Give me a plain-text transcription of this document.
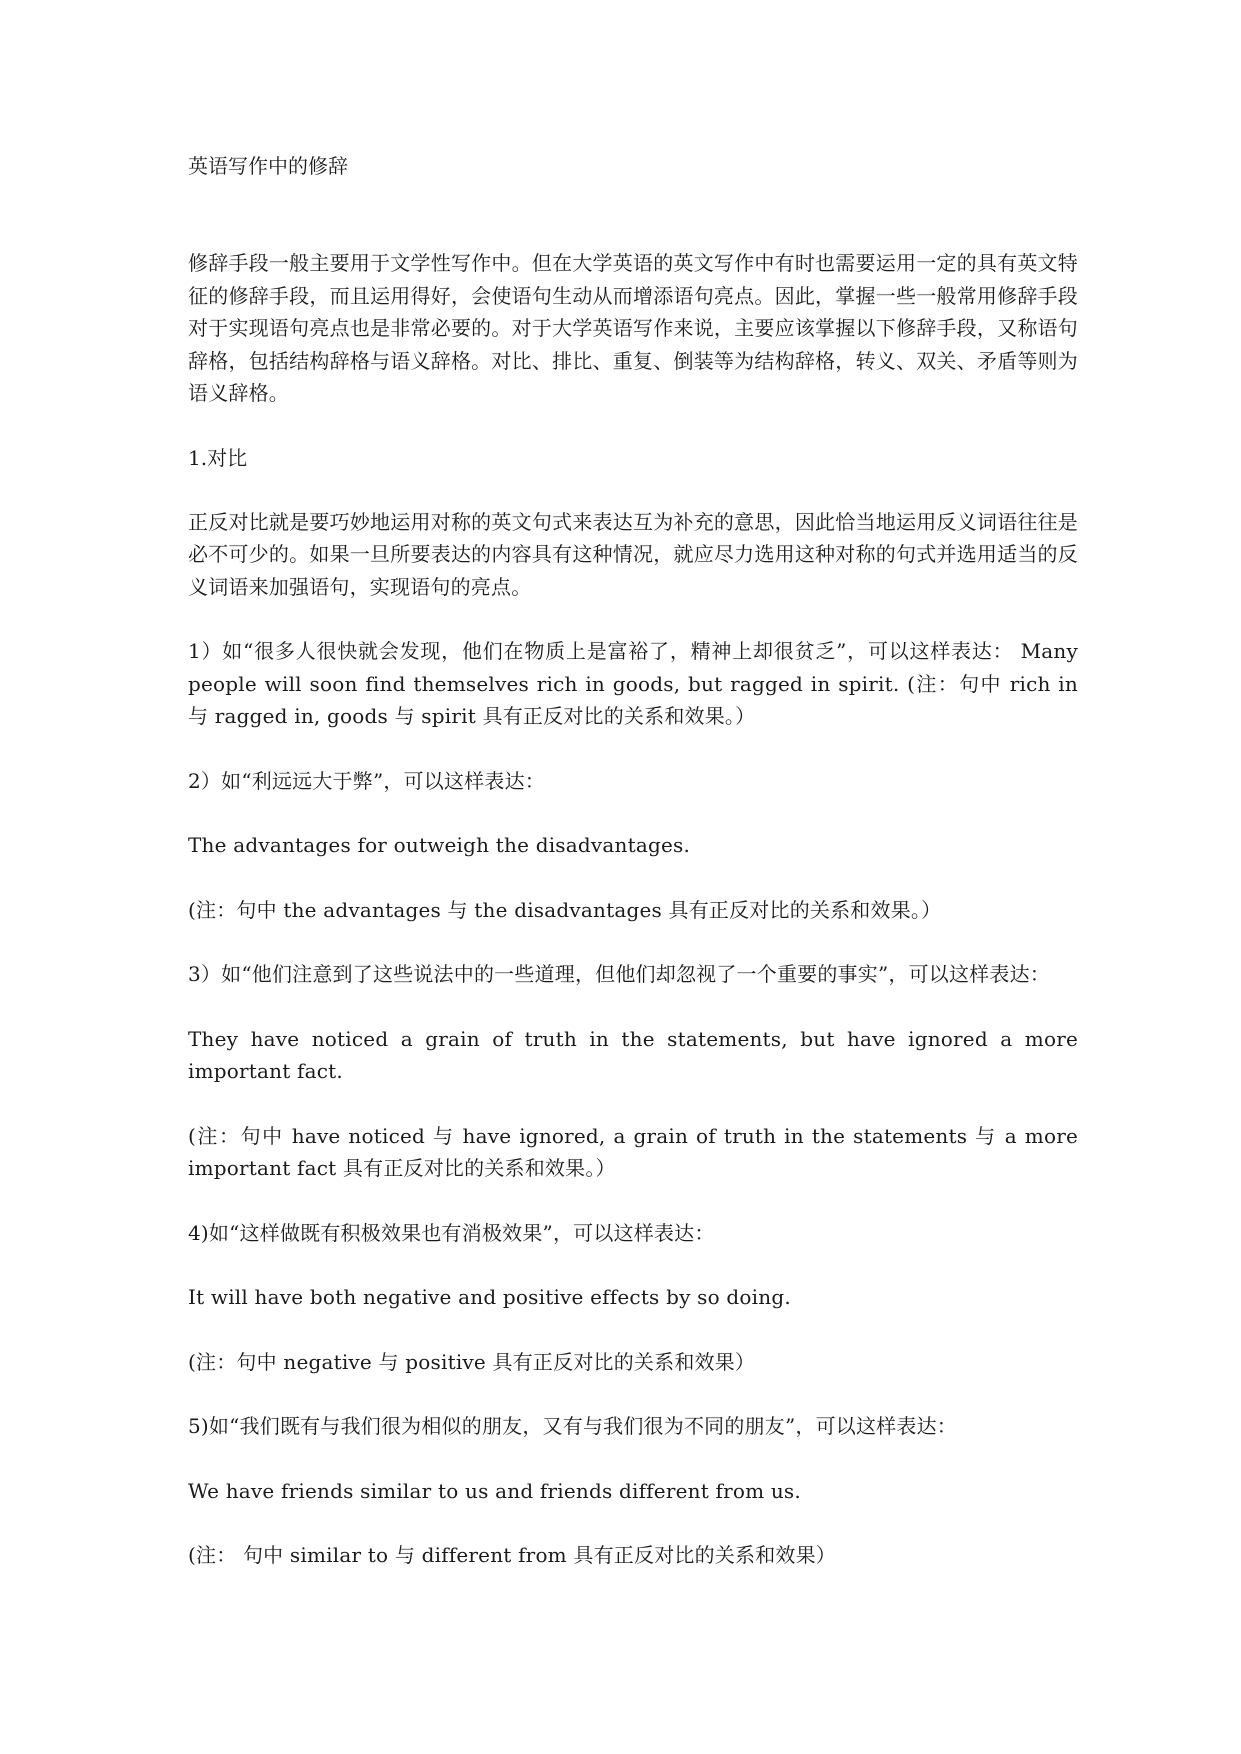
英语写作中的修辞

修辞手段一般主要用于文学性写作中。但在大学英语的英文写作中有时也需要运用一定的具有英文特征的修辞手段，而且运用得好，会使语句生动从而增添语句亮点。因此，掌握一些一般常用修辞手段对于实现语句亮点也是非常必要的。对于大学英语写作来说，主要应该掌握以下修辞手段，又称语句辞格，包括结构辞格与语义辞格。对比、排比、重复、倒装等为结构辞格，转义、双关、矛盾等则为语义辞格。

1.对比

正反对比就是要巧妙地运用对称的英文句式来表达互为补充的意思，因此恰当地运用反义词语往往是必不可少的。如果一旦所要表达的内容具有这种情况，就应尽力选用这种对称的句式并选用适当的反义词语来加强语句，实现语句的亮点。

1）如“很多人很快就会发现，他们在物质上是富裕了，精神上却很贫乏”，可以这样表达： Many people will soon find themselves rich in goods, but ragged in spirit. (注：句中 rich in 与 ragged in, goods 与 spirit 具有正反对比的关系和效果。）

2）如“利远远大于弊”，可以这样表达：

The advantages for outweigh the disadvantages.

(注：句中 the advantages 与 the disadvantages 具有正反对比的关系和效果。）

3）如“他们注意到了这些说法中的一些道理，但他们却忽视了一个重要的事实”，可以这样表达：

They have noticed a grain of truth in the statements, but have ignored a more important fact.

(注：句中 have noticed 与 have ignored, a grain of truth in the statements 与 a more important fact 具有正反对比的关系和效果。）

4)如“这样做既有积极效果也有消极效果”，可以这样表达：

It will have both negative and positive effects by so doing.

(注：句中 negative 与 positive 具有正反对比的关系和效果）

5)如“我们既有与我们很为相似的朋友，又有与我们很为不同的朋友”，可以这样表达：

We have friends similar to us and friends different from us.

(注： 句中 similar to 与 different from 具有正反对比的关系和效果）
